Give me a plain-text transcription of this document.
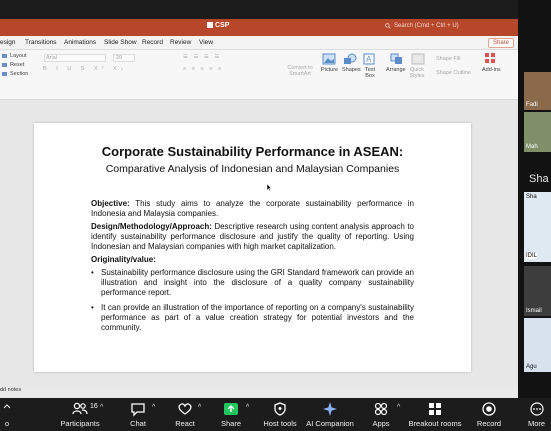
CSP	Search (Cmd + Ctrl + U)
esign Transitions Animations Slide Show Record Review View	Share
Layout
Reset
Section
Arial	20
B I U S X² X₂
☰ ☰ ☰ ☰
≡ ≡ ≡ ≡ ≡	Convert to SmartArt
Picture Shapes
A
Text Box
Arrange Quick Styles
Shape Fill
Shape Outline Add-ins
Corporate Sustainability Performance in ASEAN:
Comparative Analysis of Indonesian and Malaysian Companies

Objective: This study aims to analyze the corporate sustainability performance in Indonesia and Malaysia companies.

Design/Methodology/Approach: Descriptive research using content analysis approach to identify sustainability performance disclosure and justify the quality of reporting. Using Indonesian and Malaysian companies with high market capitalization.

Originality/value:

• Sustainability performance disclosure using the GRI Standard framework can provide an illustration and insight into the disclosure of a quality company sustainability performance report.
• It can provide an illustration of the importance of reporting on a company's sustainability performance as part of a value creation strategy for potential investors and the community.
dd notes
Fadi
Mah
Sha
Sha
IDIL
Ismail
Agu
o
16
Participants
^
Chat
^
React
^
Share
^
Host tools AI Companion Apps
^
Breakout rooms Record	More
